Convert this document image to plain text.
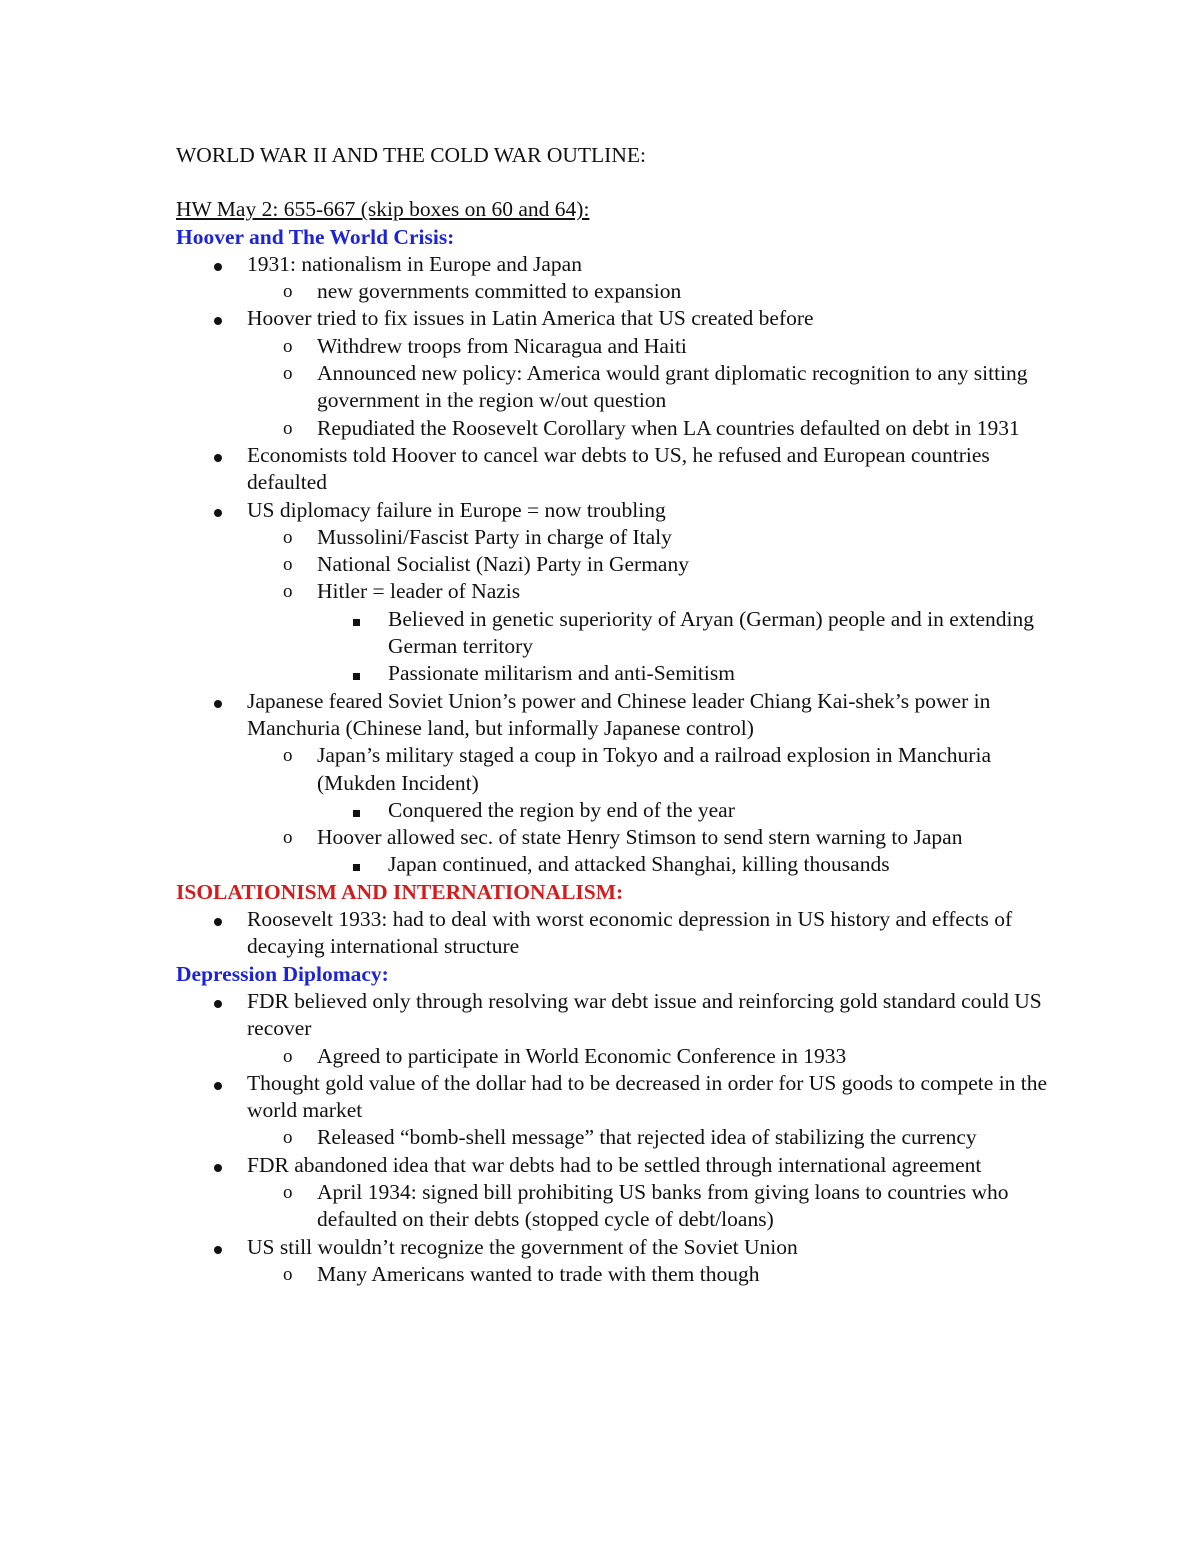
WORLD WAR II AND THE COLD WAR OUTLINE:

HW May 2: 655-667 (skip boxes on 60 and 64):

Hoover and The World Crisis:

1931: nationalism in Europe and Japan
o new governments committed to expansion
Hoover tried to fix issues in Latin America that US created before
o Withdrew troops from Nicaragua and Haiti
o Announced new policy: America would grant diplomatic recognition to any sitting government in the region w/out question
o Repudiated the Roosevelt Corollary when LA countries defaulted on debt in 1931
Economists told Hoover to cancel war debts to US, he refused and European countries defaulted
US diplomacy failure in Europe = now troubling
o Mussolini/Fascist Party in charge of Italy
o National Socialist (Nazi) Party in Germany
o Hitler = leader of Nazis
Believed in genetic superiority of Aryan (German) people and in extending German territory
Passionate militarism and anti-Semitism
Japanese feared Soviet Union’s power and Chinese leader Chiang Kai-shek’s power in Manchuria (Chinese land, but informally Japanese control)
o Japan’s military staged a coup in Tokyo and a railroad explosion in Manchuria (Mukden Incident)
Conquered the region by end of the year
o Hoover allowed sec. of state Henry Stimson to send stern warning to Japan
Japan continued, and attacked Shanghai, killing thousands

ISOLATIONISM AND INTERNATIONALISM:

Roosevelt 1933: had to deal with worst economic depression in US history and effects of decaying international structure

Depression Diplomacy:

FDR believed only through resolving war debt issue and reinforcing gold standard could US recover
o Agreed to participate in World Economic Conference in 1933
Thought gold value of the dollar had to be decreased in order for US goods to compete in the world market
o Released “bomb-shell message” that rejected idea of stabilizing the currency
FDR abandoned idea that war debts had to be settled through international agreement
o April 1934: signed bill prohibiting US banks from giving loans to countries who defaulted on their debts (stopped cycle of debt/loans)
US still wouldn’t recognize the government of the Soviet Union
o Many Americans wanted to trade with them though
